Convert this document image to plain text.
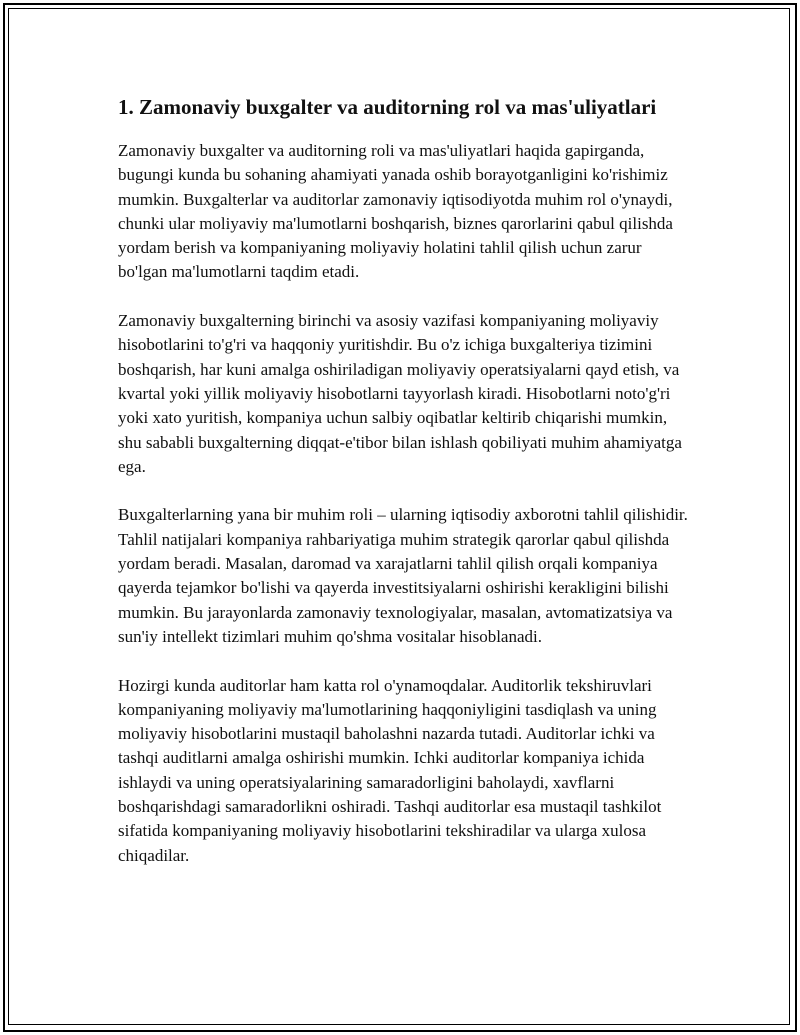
1. Zamonaviy buxgalter va auditorning rol va mas'uliyatlari

Zamonaviy buxgalter va auditorning roli va mas'uliyatlari haqida gapirganda, bugungi kunda bu sohaning ahamiyati yanada oshib borayotganligini ko'rishimiz mumkin. Buxgalterlar va auditorlar zamonaviy iqtisodiyotda muhim rol o'ynaydi, chunki ular moliyaviy ma'lumotlarni boshqarish, biznes qarorlarini qabul qilishda yordam berish va kompaniyaning moliyaviy holatini tahlil qilish uchun zarur bo'lgan ma'lumotlarni taqdim etadi.

Zamonaviy buxgalterning birinchi va asosiy vazifasi kompaniyaning moliyaviy hisobotlarini to'g'ri va haqqoniy yuritishdir. Bu o'z ichiga buxgalteriya tizimini boshqarish, har kuni amalga oshiriladigan moliyaviy operatsiyalarni qayd etish, va kvartal yoki yillik moliyaviy hisobotlarni tayyorlash kiradi. Hisobotlarni noto'g'ri yoki xato yuritish, kompaniya uchun salbiy oqibatlar keltirib chiqarishi mumkin, shu sababli buxgalterning diqqat-e'tibor bilan ishlash qobiliyati muhim ahamiyatga ega.

Buxgalterlarning yana bir muhim roli – ularning iqtisodiy axborotni tahlil qilishidir. Tahlil natijalari kompaniya rahbariyatiga muhim strategik qarorlar qabul qilishda yordam beradi. Masalan, daromad va xarajatlarni tahlil qilish orqali kompaniya qayerda tejamkor bo'lishi va qayerda investitsiyalarni oshirishi kerakligini bilishi mumkin. Bu jarayonlarda zamonaviy texnologiyalar, masalan, avtomatizatsiya va sun'iy intellekt tizimlari muhim qo'shma vositalar hisoblanadi.

Hozirgi kunda auditorlar ham katta rol o'ynamoqdalar. Auditorlik tekshiruvlari kompaniyaning moliyaviy ma'lumotlarining haqqoniyligini tasdiqlash va uning moliyaviy hisobotlarini mustaqil baholashni nazarda tutadi. Auditorlar ichki va tashqi auditlarni amalga oshirishi mumkin. Ichki auditorlar kompaniya ichida ishlaydi va uning operatsiyalarining samaradorligini baholaydi, xavflarni boshqarishdagi samaradorlikni oshiradi. Tashqi auditorlar esa mustaqil tashkilot sifatida kompaniyaning moliyaviy hisobotlarini tekshiradilar va ularga xulosa chiqadilar.
